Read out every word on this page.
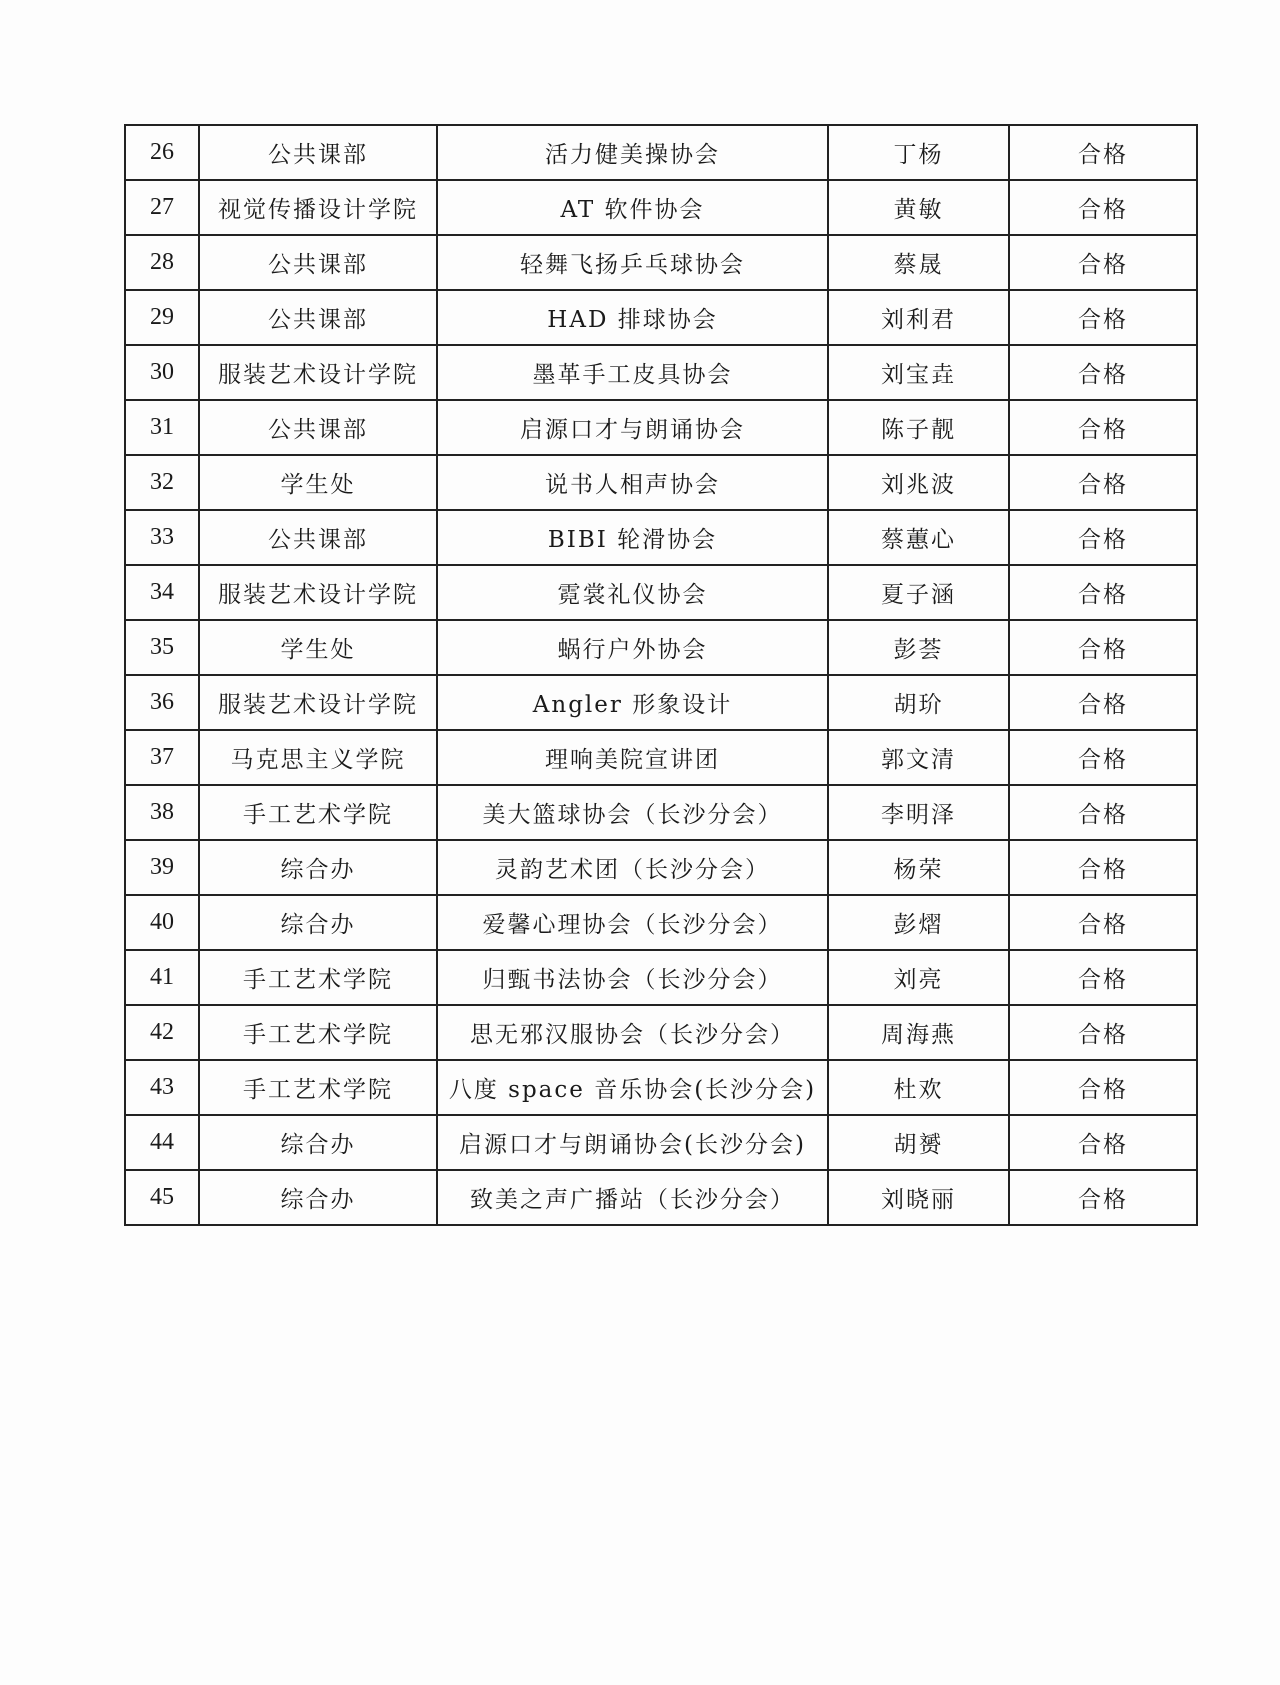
26	公共课部	活力健美操协会	丁杨	合格
27	视觉传播设计学院	AT 软件协会	黄敏	合格
28	公共课部	轻舞飞扬乒乓球协会	蔡晟	合格
29	公共课部	HAD 排球协会	刘利君	合格
30	服装艺术设计学院	墨革手工皮具协会	刘宝垚	合格
31	公共课部	启源口才与朗诵协会	陈子靓	合格
32	学生处	说书人相声协会	刘兆波	合格
33	公共课部	BIBI 轮滑协会	蔡蕙心	合格
34	服装艺术设计学院	霓裳礼仪协会	夏子涵	合格
35	学生处	蜗行户外协会	彭荟	合格
36	服装艺术设计学院	Angler 形象设计	胡玠	合格
37	马克思主义学院	理响美院宣讲团	郭文清	合格
38	手工艺术学院	美大篮球协会（长沙分会）	李明泽	合格
39	综合办	灵韵艺术团（长沙分会）	杨荣	合格
40	综合办	爱馨心理协会（长沙分会）	彭熠	合格
41	手工艺术学院	归甄书法协会（长沙分会）	刘亮	合格
42	手工艺术学院	思无邪汉服协会（长沙分会）	周海燕	合格
43	手工艺术学院	八度 space 音乐协会(长沙分会)	杜欢	合格
44	综合办	启源口才与朗诵协会(长沙分会)	胡赟	合格
45	综合办	致美之声广播站（长沙分会）	刘晓丽	合格
